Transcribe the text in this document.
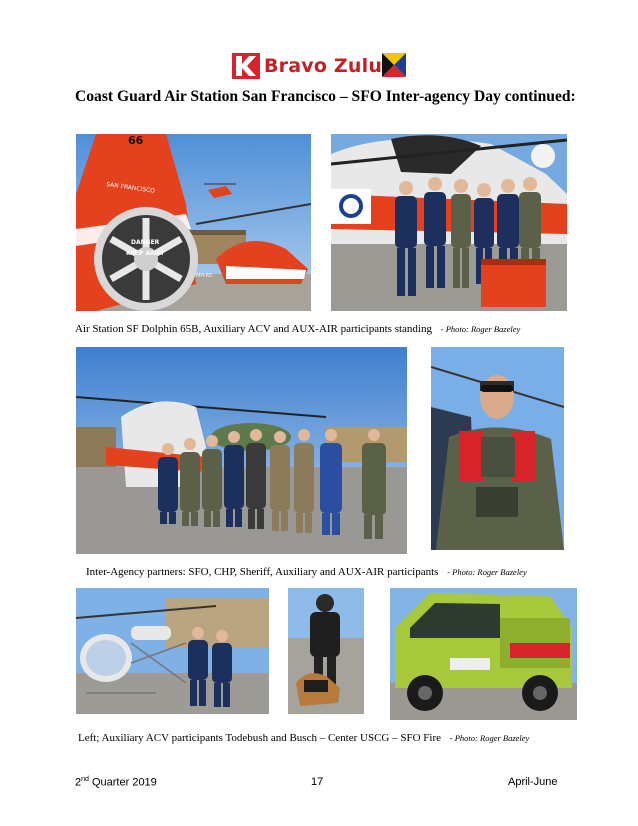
Bravo Zulu
Coast Guard Air Station San Francisco – SFO Inter-agency Day continued:
66
SAN FRANCISCO
DANGER
KEEP AWAY
MH-65
Air Station SF Dolphin 65B, Auxiliary ACV and AUX-AIR participants standing - Photo: Roger Bazeley
Inter-Agency partners: SFO, CHP, Sheriff, Auxiliary and AUX-AIR participants - Photo: Roger Bazeley
Left; Auxiliary ACV participants Todebush and Busch – Center USCG – SFO Fire - Photo: Roger Bazeley
2nd Quarter 2019	17	April-June
